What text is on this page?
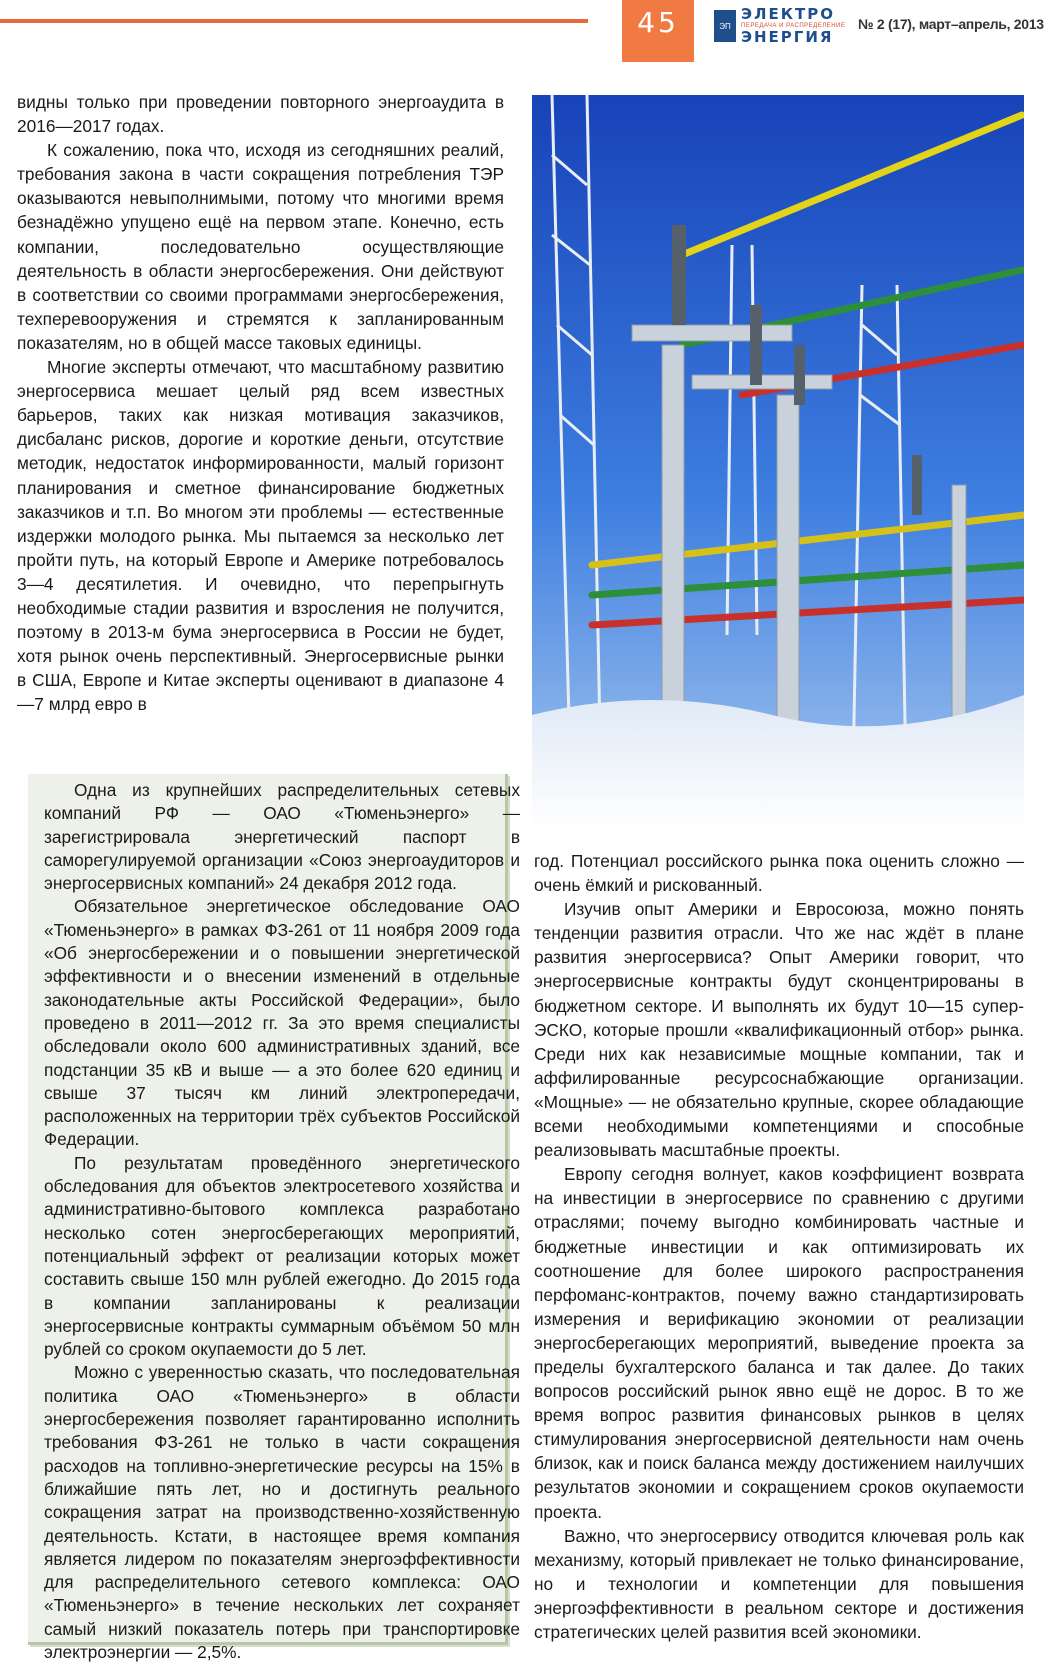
45	ЭП
ЭЛЕКТРО
ПЕРЕДАЧА И РАСПРЕДЕЛЕНИЕ
ЭНЕРГИЯ
№ 2 (17), март–апрель, 2013

видны только при проведении повторного энергоаудита в 2016—2017 годах.

К сожалению, пока что, исходя из сегодняшних реалий, требования закона в части сокращения потребления ТЭР оказываются невыполнимыми, потому что многими время безнадёжно упущено ещё на первом этапе. Конечно, есть компании, последовательно осуществляющие деятельность в области энергосбережения. Они действуют в соответствии со своими программами энергосбережения, техперевооружения и стремятся к запланированным показателям, но в общей массе таковых единицы.

Многие эксперты отмечают, что масштабному развитию энергосервиса мешает целый ряд всем известных барьеров, таких как низкая мотивация заказчиков, дисбаланс рисков, дорогие и короткие деньги, отсутствие методик, недостаток информированности, малый горизонт планирования и сметное финансирование бюджетных заказчиков и т.п. Во многом эти проблемы — естественные издержки молодого рынка. Мы пытаемся за несколько лет пройти путь, на который Европе и Америке потребовалось 3—4 десятилетия. И очевидно, что перепрыгнуть необходимые стадии развития и взросления не получится, поэтому в 2013-м бума энергосервиса в России не будет, хотя рынок очень перспективный. Энергосервисные рынки в США, Европе и Китае эксперты оценивают в диапазоне 4—7 млрд евро в

Одна из крупнейших распределительных сетевых компаний РФ — ОАО «Тюменьэнерго» — зарегистрировала энергетический паспорт в саморегулируемой организации «Союз энергоаудиторов и энергосервисных компаний» 24 декабря 2012 года.

Обязательное энергетическое обследование ОАО «Тюменьэнерго» в рамках ФЗ-261 от 11 ноября 2009 года «Об энергосбережении и о повышении энергетической эффективности и о внесении изменений в отдельные законодательные акты Российской Федерации», было проведено в 2011—2012 гг. За это время специалисты обследовали около 600 административных зданий, все подстанции 35 кВ и выше — а это более 620 единиц и свыше 37 тысяч км линий электропередачи, расположенных на территории трёх субъектов Российской Федерации.

По результатам проведённого энергетического обследования для объектов электросетевого хозяйства и административно-бытового комплекса разработано несколько сотен энергосберегающих мероприятий, потенциальный эффект от реализации которых может составить свыше 150 млн рублей ежегодно. До 2015 года в компании запланированы к реализации энергосервисные контракты суммарным объёмом 50 млн рублей со сроком окупаемости до 5 лет.

Можно с уверенностью сказать, что последовательная политика ОАО «Тюменьэнерго» в области энергосбережения позволяет гарантированно исполнить требования ФЗ-261 не только в части сокращения расходов на топливно-энергетические ресурсы на 15% в ближайшие пять лет, но и достигнуть реального сокращения затрат на производственно-хозяйственную деятельность. Кстати, в настоящее время компания является лидером по показателям энергоэффективности для распределительного сетевого комплекса: ОАО «Тюменьэнерго» в течение нескольких лет сохраняет самый низкий показатель потерь при транспортировке электроэнергии — 2,5%.

год. Потенциал российского рынка пока оценить сложно — очень ёмкий и рискованный.

Изучив опыт Америки и Евросоюза, можно понять тенденции развития отрасли. Что же нас ждёт в плане развития энергосервиса? Опыт Америки говорит, что энергосервисные контракты будут сконцентрированы в бюджетном секторе. И выполнять их будут 10—15 супер-ЭСКО, которые прошли «квалификационный отбор» рынка. Среди них как независимые мощные компании, так и аффилированные ресурсоснабжающие организации. «Мощные» — не обязательно крупные, скорее обладающие всеми необходимыми компетенциями и способные реализовывать масштабные проекты.

Европу сегодня волнует, каков коэффициент возврата на инвестиции в энергосервисе по сравнению с другими отраслями; почему выгодно комбинировать частные и бюджетные инвестиции и как оптимизировать их соотношение для более широкого распространения перфоманс-контрактов, почему важно стандартизировать измерения и верификацию экономии от реализации энергосберегающих мероприятий, выведение проекта за пределы бухгалтерского баланса и так далее. До таких вопросов российский рынок явно ещё не дорос. В то же время вопрос развития финансовых рынков в целях стимулирования энергосервисной деятельности нам очень близок, как и поиск баланса между достижением наилучших результатов экономии и сокращением сроков окупаемости проекта.

Важно, что энергосервису отводится ключевая роль как механизму, который привлекает не только финансирование, но и технологии и компетенции для повышения энергоэффективности в реальном секторе и достижения стратегических целей развития всей экономики.
